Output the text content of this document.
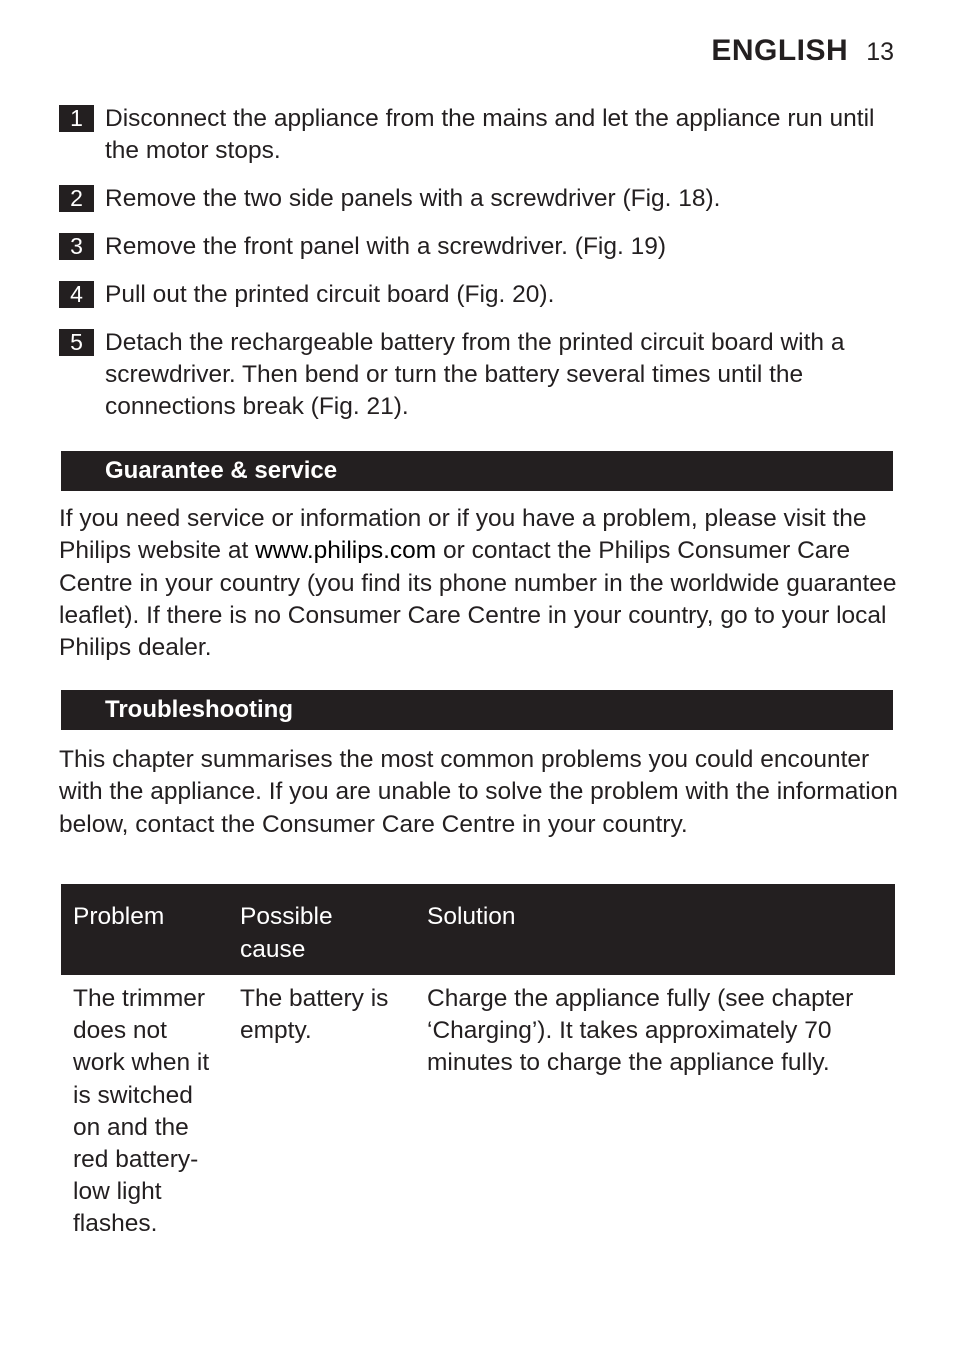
ENGLISH 13
1 Disconnect the appliance from the mains and let the appliance run until the motor stops.
2 Remove the two side panels with a screwdriver (Fig. 18).
3 Remove the front panel with a screwdriver. (Fig. 19)
4 Pull out the printed circuit board (Fig. 20).
5 Detach the rechargeable battery from the printed circuit board with a screwdriver. Then bend or turn the battery several times until the connections break (Fig. 21).
Guarantee & service
If you need service or information or if you have a problem, please visit the Philips website at www.philips.com or contact the Philips Consumer Care Centre in your country (you find its phone number in the worldwide guarantee leaflet). If there is no Consumer Care Centre in your country, go to your local Philips dealer.
Troubleshooting
This chapter summarises the most common problems you could encounter with the appliance. If you are unable to solve the problem with the information below, contact the Consumer Care Centre in your country.
Problem	Possible cause	Solution
The trimmer does not work when it is switched on and the red battery-low light flashes.	The battery is empty.	Charge the appliance fully (see chapter ‘Charging’). It takes approximately 70 minutes to charge the appliance fully.
